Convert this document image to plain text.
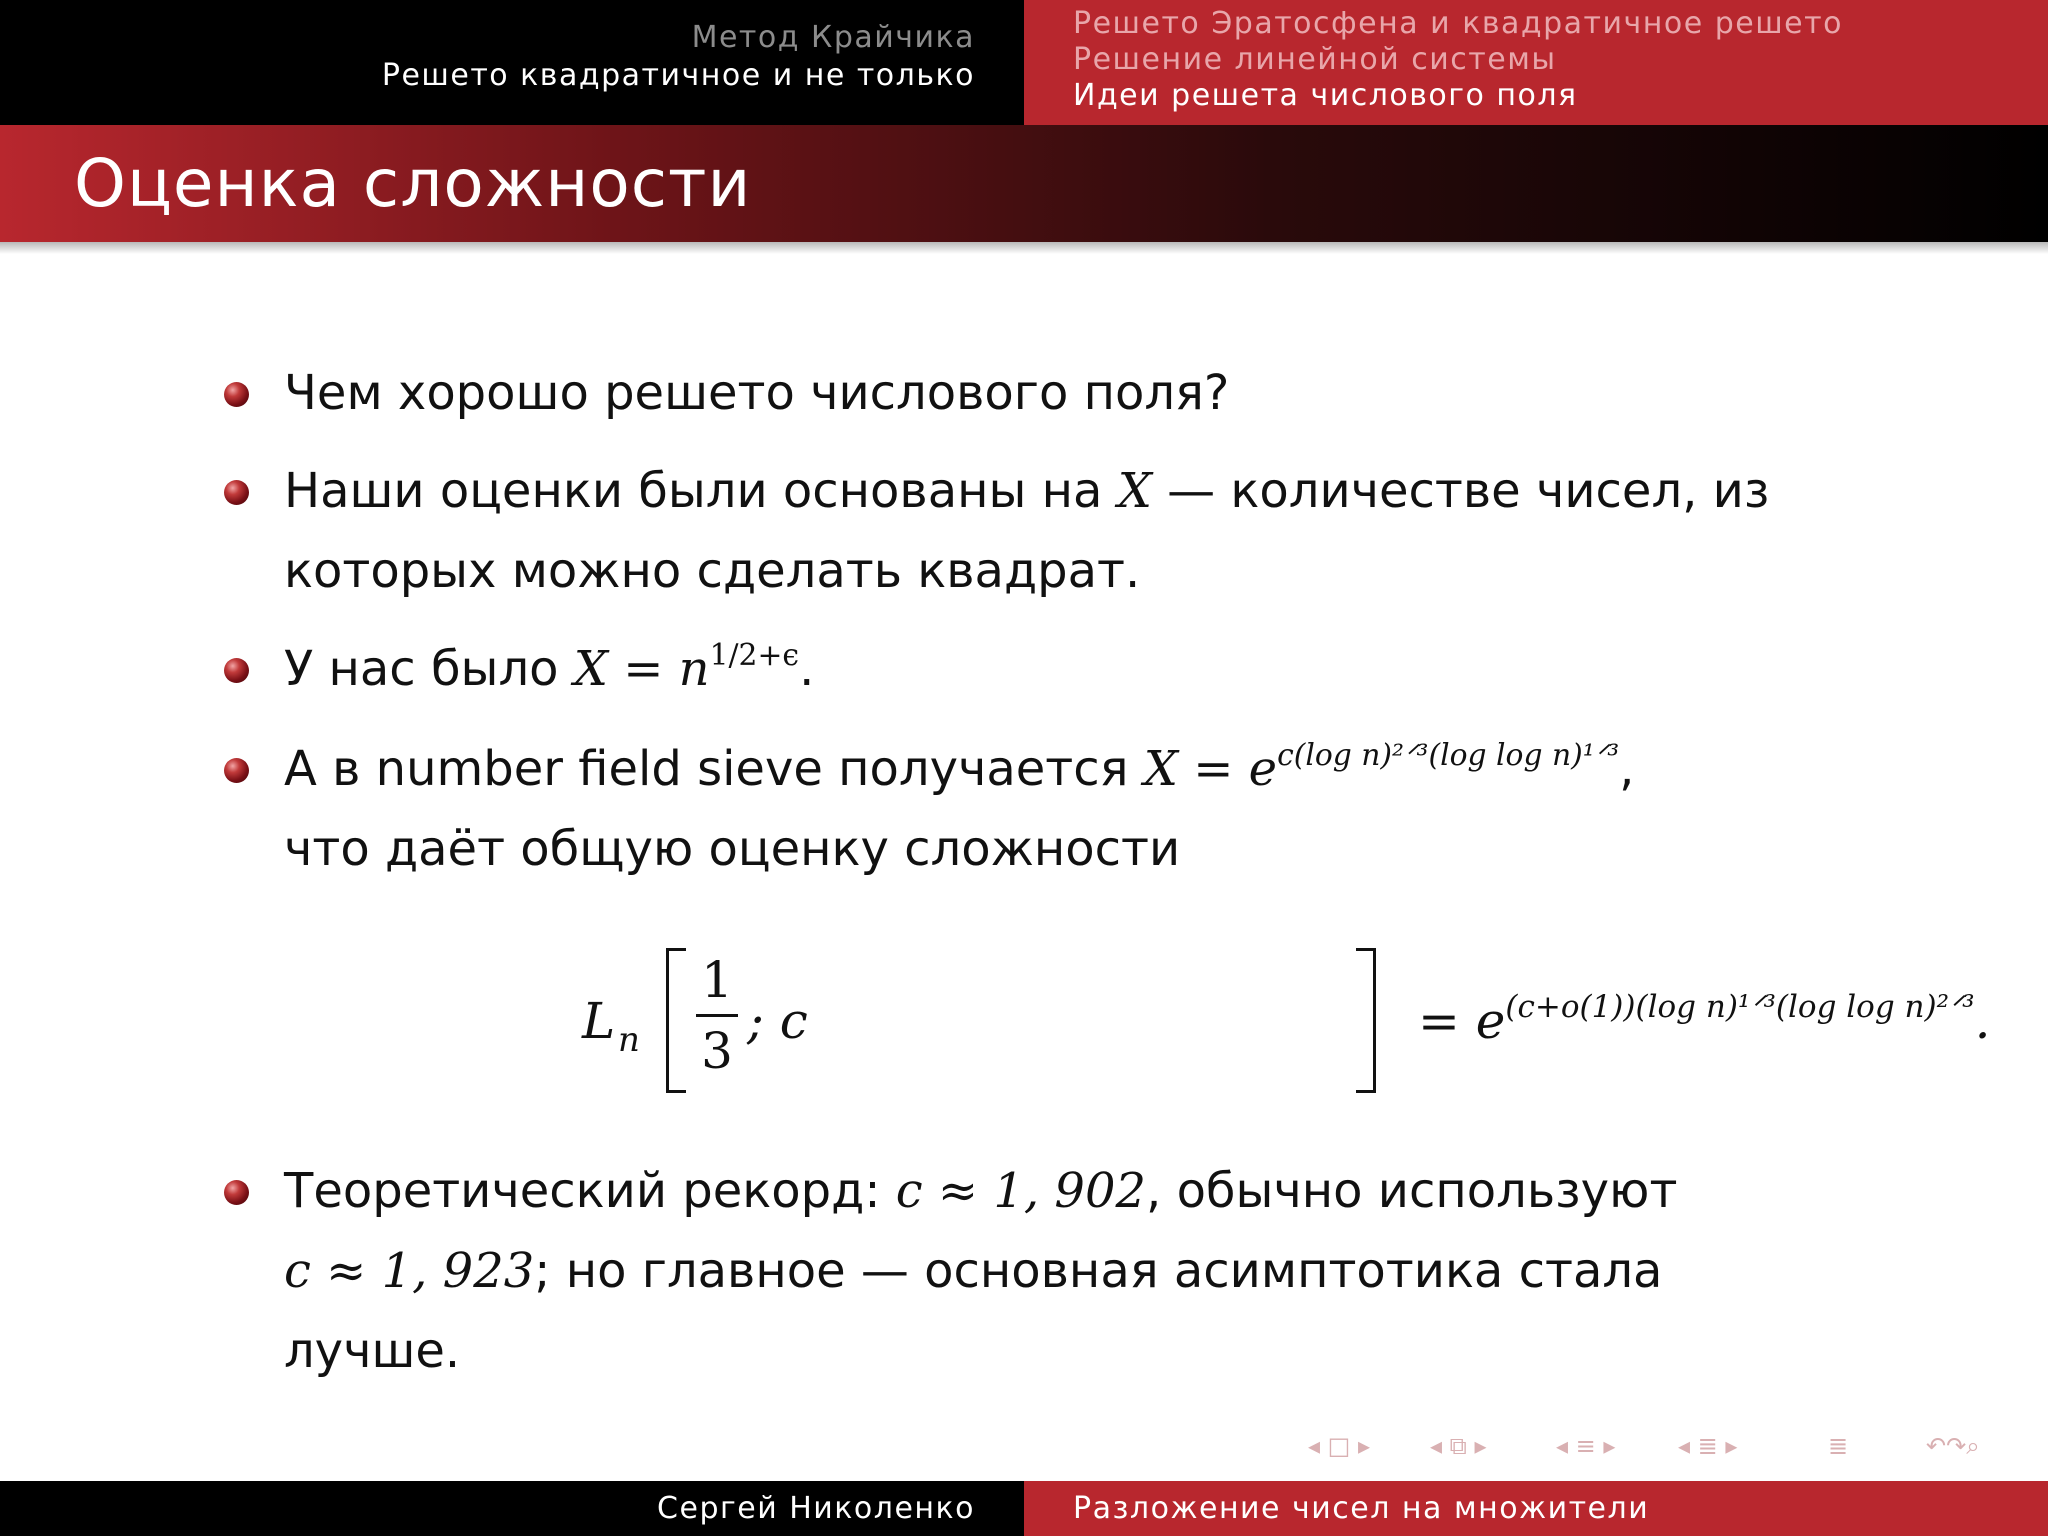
Метод Крайчика
Решето квадратичное и не только
Решето Эратосфена и квадратичное решето
Решение линейной системы
Идеи решета числового поля
Оценка сложности
Чем хорошо решето числового поля?
Наши оценки были основаны на X — количестве чисел, из
которых можно сделать квадрат.
У нас было $X = n^{1/2+\epsilon}$.
А в number field sieve получается $X = e^{c(log n)^2ᐟ^3(log log n)^1ᐟ^3}$,
что даёт общую оценку сложности
L n
1
3
; c	= $e^{(c+o(1))(log n)^1ᐟ^3(log log n)^2ᐟ^3}$.
Теоретический рекорд: c ≈ 1, 902, обычно используют
c ≈ 1, 923; но главное — основная асимптотика стала
лучше.
◂ □ ▸ ◂ ⧉ ▸	◂ ≡ ▸	◂ ≣ ▸	≣	↶↷⌕
Сергей Николенко	Разложение чисел на множители
